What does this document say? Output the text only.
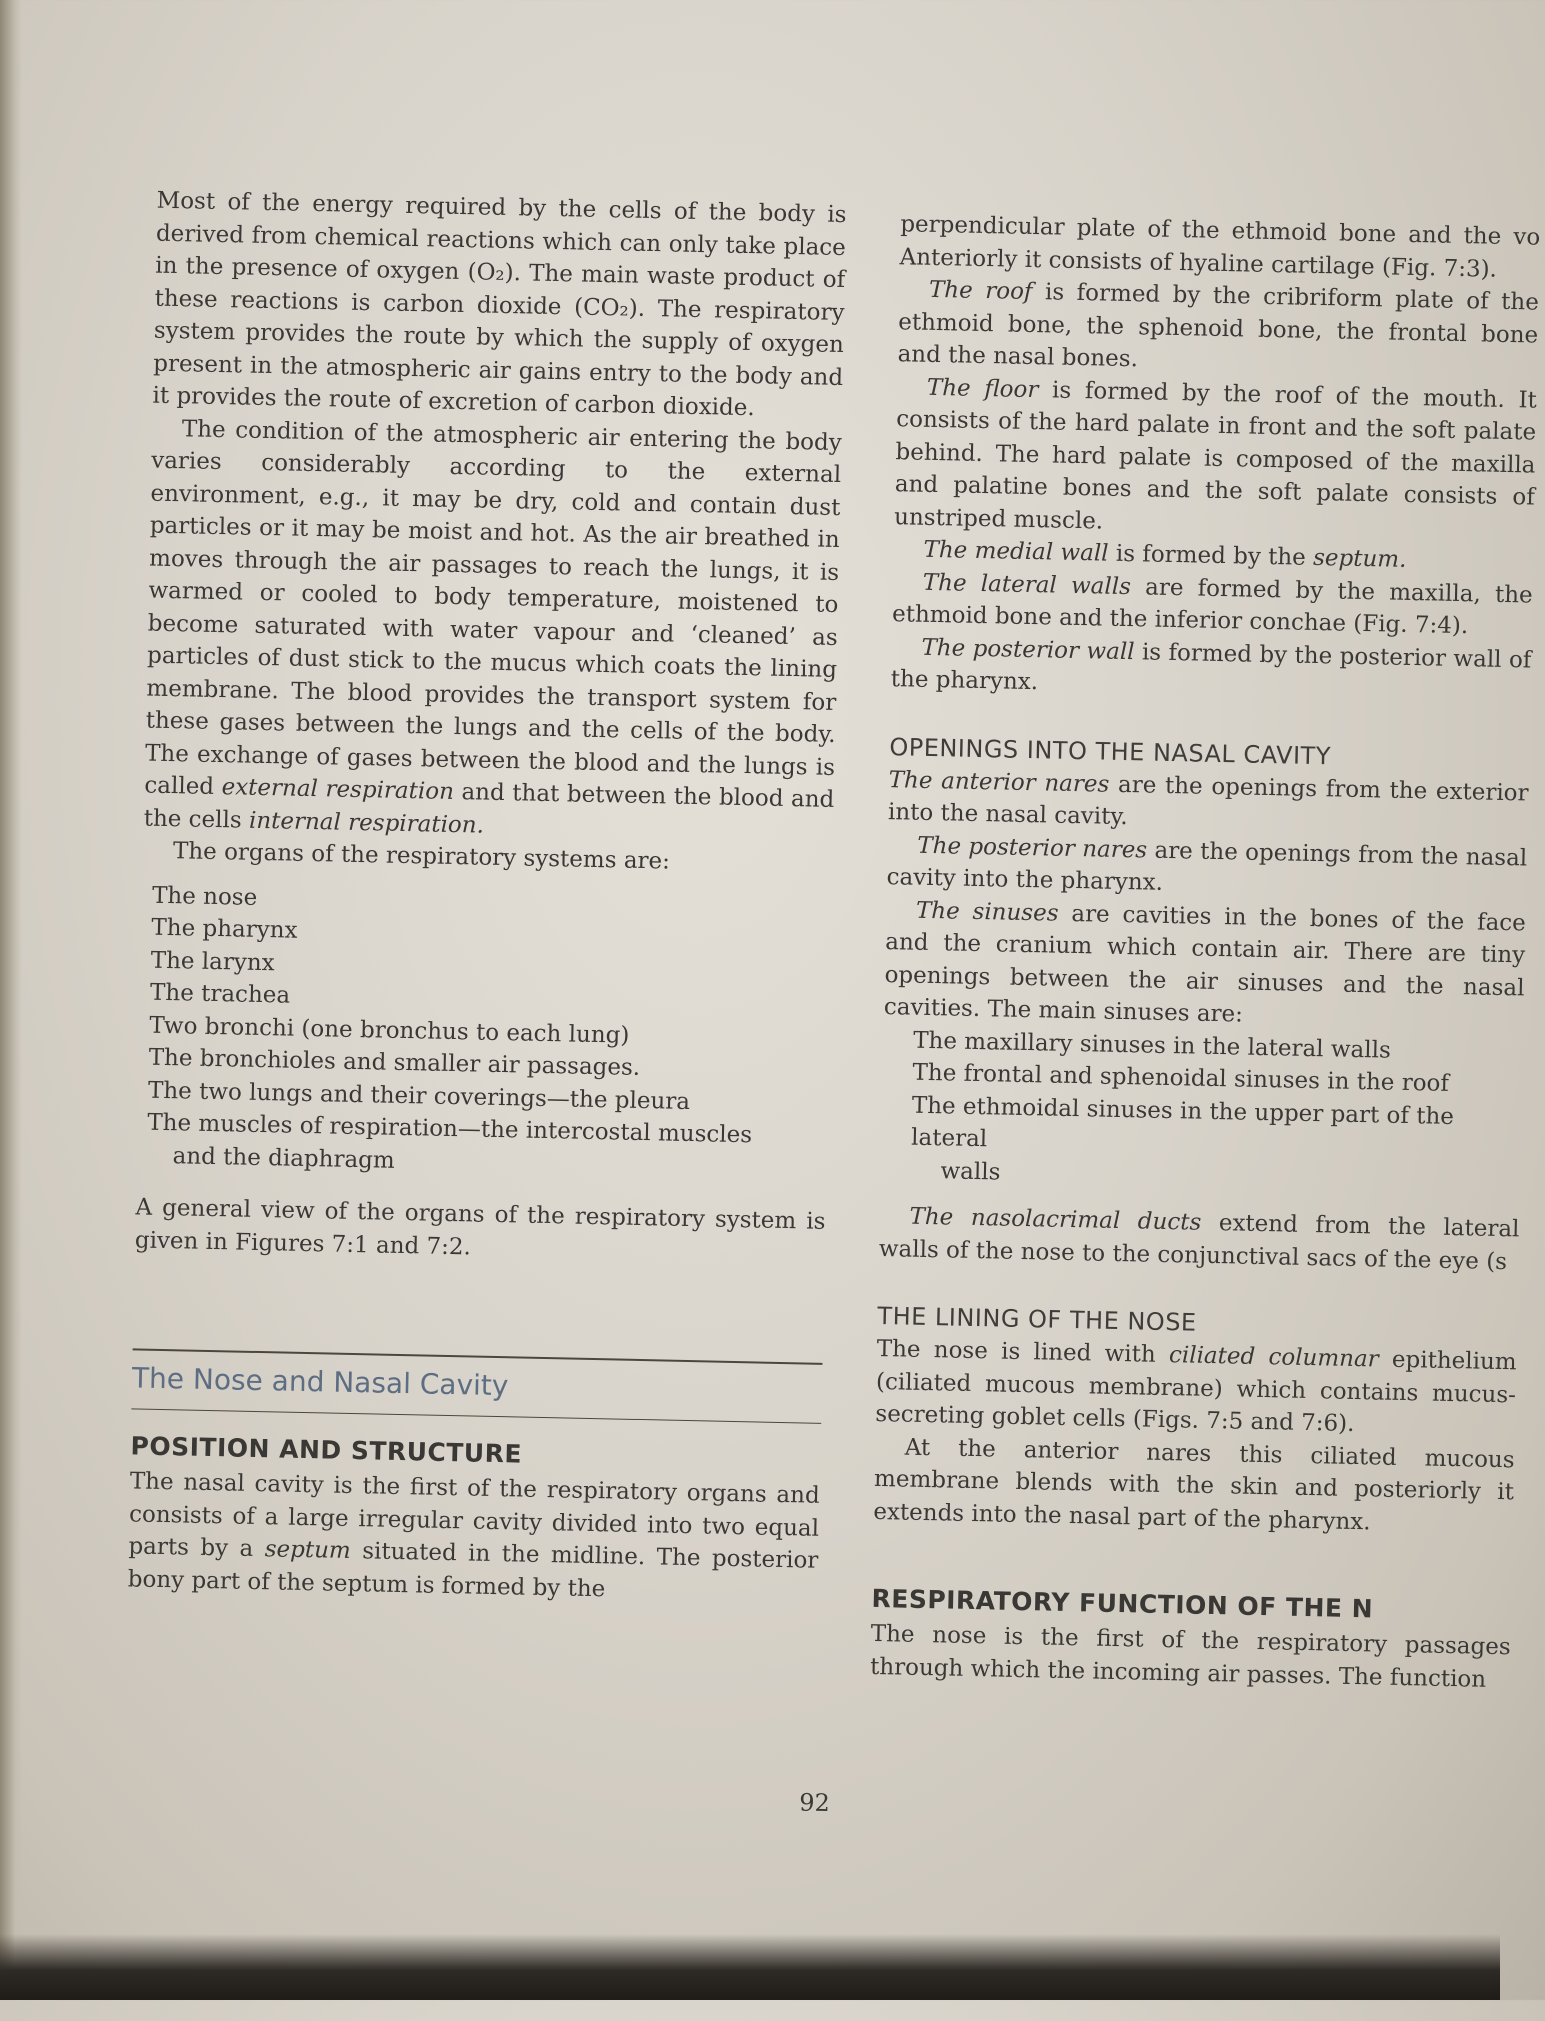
Most of the energy required by the cells of the body is derived from chemical reactions which can only take place in the presence of oxygen (O₂). The main waste product of these reactions is carbon dioxide (CO₂). The respiratory system provides the route by which the supply of oxygen present in the atmospheric air gains entry to the body and it provides the route of excretion of carbon dioxide.

The condition of the atmospheric air entering the body varies considerably according to the external environment, e.g., it may be dry, cold and contain dust particles or it may be moist and hot. As the air breathed in moves through the air passages to reach the lungs, it is warmed or cooled to body temperature, moistened to become saturated with water vapour and ‘cleaned’ as particles of dust stick to the mucus which coats the lining membrane. The blood provides the transport system for these gases between the lungs and the cells of the body. The exchange of gases between the blood and the lungs is called external respiration and that between the blood and the cells internal respiration.

The organs of the respiratory systems are:

The nose
The pharynx
The larynx
The trachea
Two bronchi (one bronchus to each lung)
The bronchioles and smaller air passages.
The two lungs and their coverings—the pleura
The muscles of respiration—the intercostal muscles
and the diaphragm

A general view of the organs of the respiratory system is given in Figures 7:1 and 7:2.

The Nose and Nasal Cavity
POSITION AND STRUCTURE

The nasal cavity is the first of the respiratory organs and consists of a large irregular cavity divided into two equal parts by a septum situated in the midline. The posterior bony part of the septum is formed by the

perpendicular plate of the ethmoid bone and the vo Anteriorly it consists of hyaline cartilage (Fig. 7:3).

The roof is formed by the cribriform plate of the ethmoid bone, the sphenoid bone, the frontal bone and the nasal bones.

The floor is formed by the roof of the mouth. It consists of the hard palate in front and the soft palate behind. The hard palate is composed of the maxilla and palatine bones and the soft palate consists of unstriped muscle.

The medial wall is formed by the septum.

The lateral walls are formed by the maxilla, the ethmoid bone and the inferior conchae (Fig. 7:4).

The posterior wall is formed by the posterior wall of the pharynx.

OPENINGS INTO THE NASAL CAVITY

The anterior nares are the openings from the exterior into the nasal cavity.

The posterior nares are the openings from the nasal cavity into the pharynx.

The sinuses are cavities in the bones of the face and the cranium which contain air. There are tiny openings between the air sinuses and the nasal cavities. The main sinuses are:

The maxillary sinuses in the lateral walls
The frontal and sphenoidal sinuses in the roof
The ethmoidal sinuses in the upper part of the lateral
walls

The nasolacrimal ducts extend from the lateral walls of the nose to the conjunctival sacs of the eye (s

THE LINING OF THE NOSE

The nose is lined with ciliated columnar epithelium (ciliated mucous membrane) which contains mucus-secreting goblet cells (Figs. 7:5 and 7:6).

At the anterior nares this ciliated mucous membrane blends with the skin and posteriorly it extends into the nasal part of the pharynx.

RESPIRATORY FUNCTION OF THE N

The nose is the first of the respiratory passages through which the incoming air passes. The function

92
